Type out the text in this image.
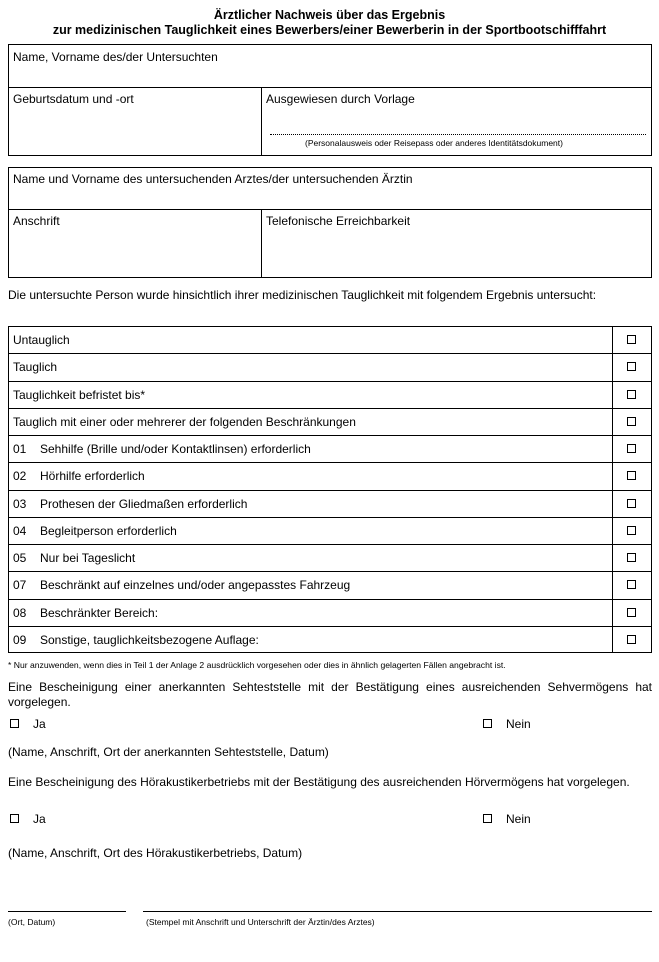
Ärztlicher Nachweis über das Ergebnis
zur medizinischen Tauglichkeit eines Bewerbers/einer Bewerberin in der Sportbootschifffahrt
Name, Vorname des/der Untersuchten
Geburtsdatum und -ort	Ausgewiesen durch Vorlage
(Personalausweis oder Reisepass oder anderes Identitätsdokument)
Name und Vorname des untersuchenden Arztes/der untersuchenden Ärztin
Anschrift	Telefonische Erreichbarkeit
Die untersuchte Person wurde hinsichtlich ihrer medizinischen Tauglichkeit mit folgendem Ergebnis untersucht:
Untauglich
Tauglich
Tauglichkeit befristet bis*
Tauglich mit einer oder mehrerer der folgenden Beschränkungen
01 Sehhilfe (Brille und/oder Kontaktlinsen) erforderlich
02 Hörhilfe erforderlich
03 Prothesen der Gliedmaßen erforderlich
04 Begleitperson erforderlich
05 Nur bei Tageslicht
07 Beschränkt auf einzelnes und/oder angepasstes Fahrzeug
08 Beschränkter Bereich:
09 Sonstige, tauglichkeitsbezogene Auflage:
* Nur anzuwenden, wenn dies in Teil 1 der Anlage 2 ausdrücklich vorgesehen oder dies in ähnlich gelagerten Fällen angebracht ist.
Eine Bescheinigung einer anerkannten Sehteststelle mit der Bestätigung eines ausreichenden Sehvermögens hat vorgelegen.
Ja	Nein
(Name, Anschrift, Ort der anerkannten Sehteststelle, Datum)
Eine Bescheinigung des Hörakustikerbetriebs mit der Bestätigung des ausreichenden Hörvermögens hat vorgelegen.
Ja	Nein
(Name, Anschrift, Ort des Hörakustikerbetriebs, Datum)
(Ort, Datum)	(Stempel mit Anschrift und Unterschrift der Ärztin/des Arztes)
